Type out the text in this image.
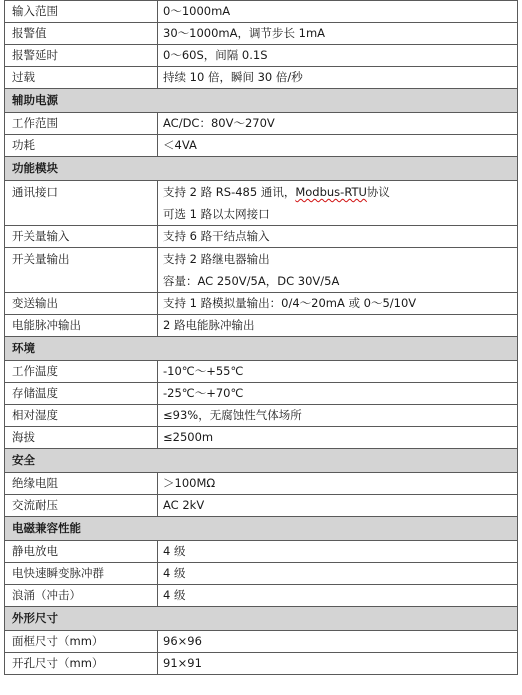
输入范围	0～1000mA
报警值	30～1000mA，调节步长 1mA
报警延时	0～60S，间隔 0.1S
过载	持续 10 倍，瞬间 30 倍/秒
辅助电源	
工作范围	AC/DC：80V～270V
功耗	＜4VA
功能模块	

通讯接口	支持 2 路 RS-485 通讯，Modbus-RTU协议
可选 1 路以太网接口

开关量输入	支持 6 路干结点输入

开关量输出	支持 2 路继电器输出
容量：AC 250V/5A，DC 30V/5A

变送输出	支持 1 路模拟量输出：0/4～20mA 或 0～5/10V
电能脉冲输出	2 路电能脉冲输出
环境	
工作温度	-10℃～+55℃
存储温度	-25℃～+70℃
相对湿度	≤93%，无腐蚀性气体场所
海拔	≤2500m
安全	
绝缘电阻	＞100MΩ
交流耐压	AC 2kV
电磁兼容性能	
静电放电	4 级
电快速瞬变脉冲群	4 级
浪涌（冲击）	4 级
外形尺寸	
面框尺寸（mm）	96×96
开孔尺寸（mm）	91×91
